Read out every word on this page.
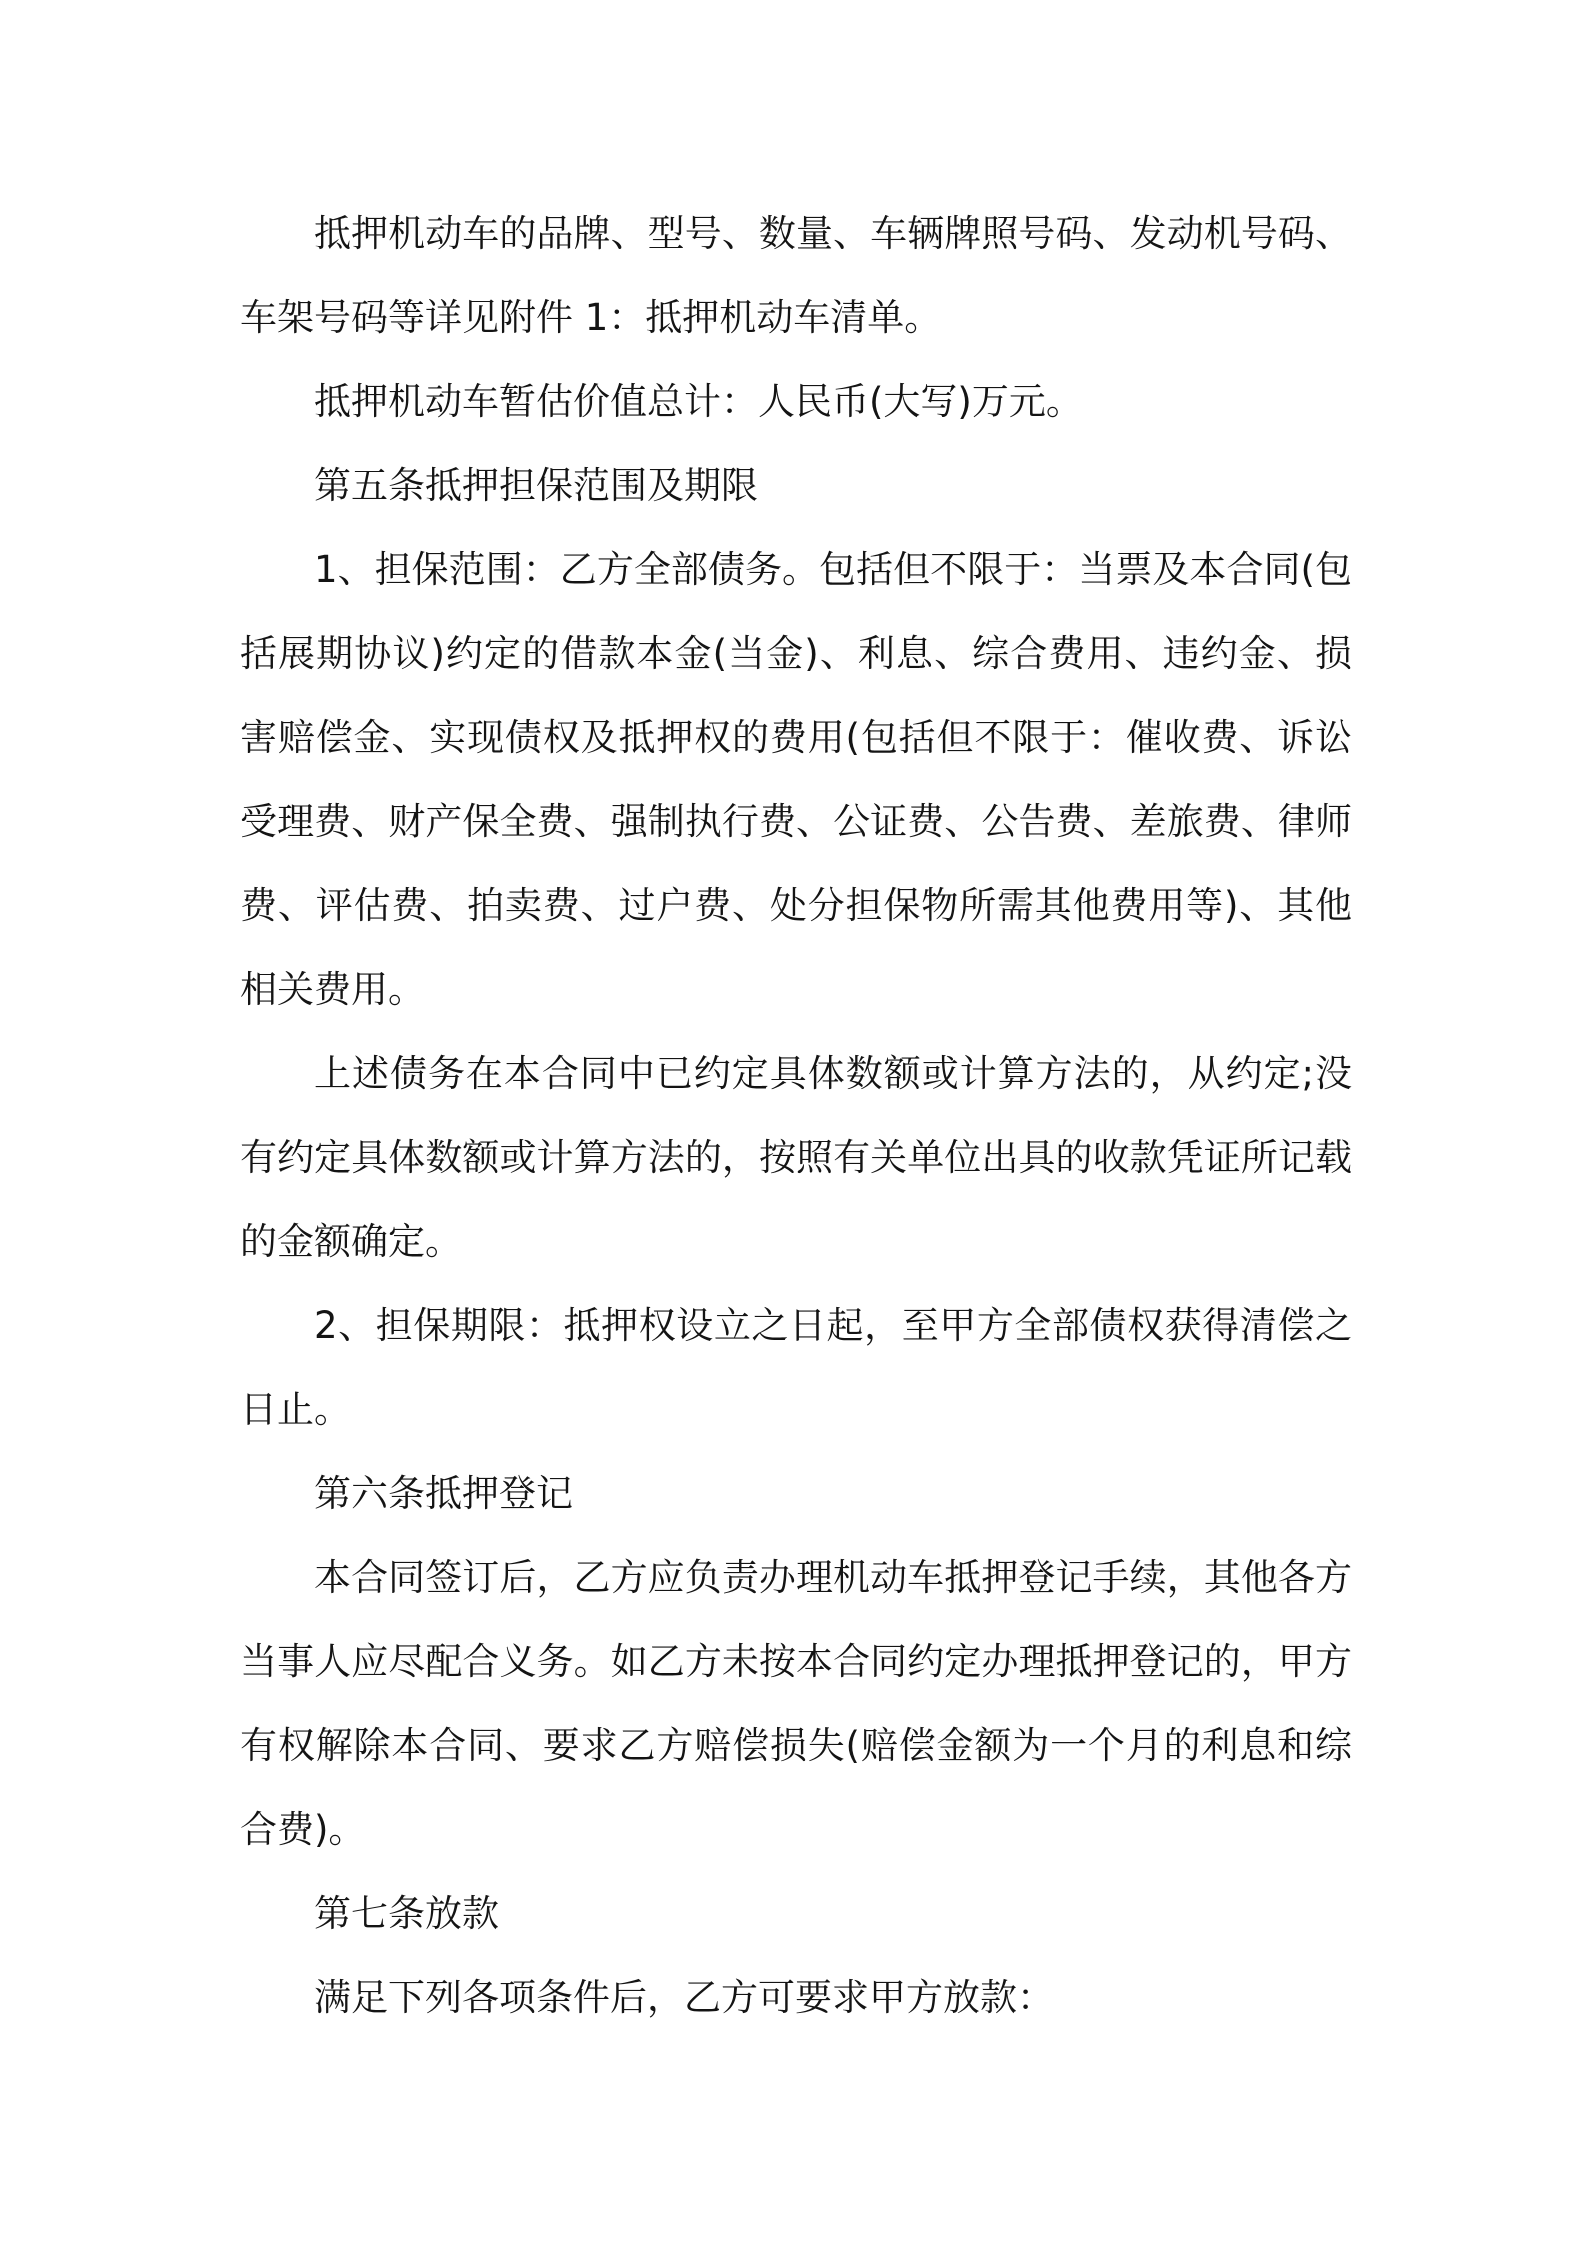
抵押机动车的品牌、型号、数量、车辆牌照号码、发动机号码、车架号码等详见附件 1：抵押机动车清单。

抵押机动车暂估价值总计：人民币(大写)万元。

第五条抵押担保范围及期限

1、担保范围：乙方全部债务。包括但不限于：当票及本合同(包括展期协议)约定的借款本金(当金)、利息、综合费用、违约金、损害赔偿金、实现债权及抵押权的费用(包括但不限于：催收费、诉讼受理费、财产保全费、强制执行费、公证费、公告费、差旅费、律师费、评估费、拍卖费、过户费、处分担保物所需其他费用等)、其他相关费用。

上述债务在本合同中已约定具体数额或计算方法的，从约定;没有约定具体数额或计算方法的，按照有关单位出具的收款凭证所记载的金额确定。

2、担保期限：抵押权设立之日起，至甲方全部债权获得清偿之日止。

第六条抵押登记

本合同签订后，乙方应负责办理机动车抵押登记手续，其他各方当事人应尽配合义务。如乙方未按本合同约定办理抵押登记的，甲方有权解除本合同、要求乙方赔偿损失(赔偿金额为一个月的利息和综合费)。

第七条放款

满足下列各项条件后，乙方可要求甲方放款：
